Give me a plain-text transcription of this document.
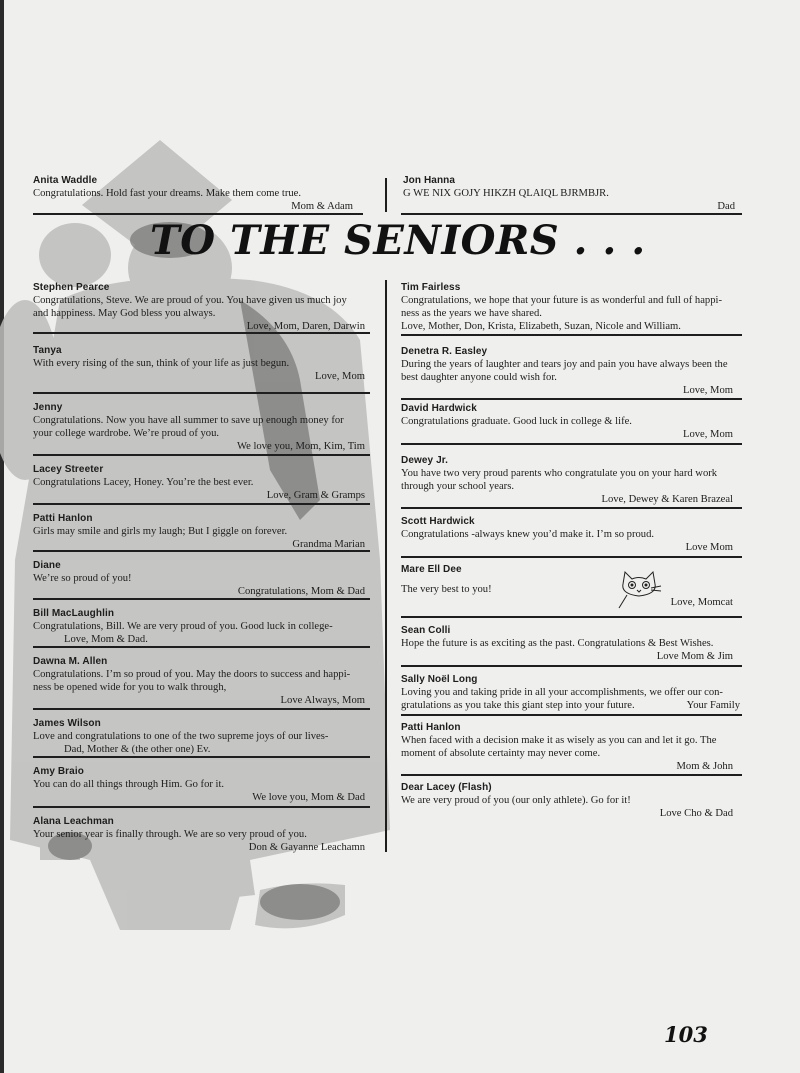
Anita Waddle
Congratulations. Hold fast your dreams. Make them come true.
Mom & Adam
Jon Hanna
G WE NIX GOJY HIKZH QLAIQL BJRMBJR.
Dad
TO THE SENIORS . . .
Stephen Pearce
Congratulations, Steve. We are proud of you. You have given us much joy
and happiness. May God bless you always.
Love, Mom, Daren, Darwin
Tanya
With every rising of the sun, think of your life as just begun.
Love, Mom
Jenny
Congratulations. Now you have all summer to save up enough money for
your college wardrobe. We’re proud of you.
We love you, Mom, Kim, Tim
Lacey Streeter
Congratulations Lacey, Honey. You’re the best ever.
Love, Gram & Gramps
Patti Hanlon
Girls may smile and girls my laugh; But I giggle on forever.
Grandma Marian
Diane
We’re so proud of you!
Congratulations, Mom & Dad
Bill MacLaughlin
Congratulations, Bill. We are very proud of you. Good luck in college-
Love, Mom & Dad.
Dawna M. Allen
Congratulations. I’m so proud of you. May the doors to success and happi-
ness be opened wide for you to walk through,
Love Always, Mom
James Wilson
Love and congratulations to one of the two supreme joys of our lives-
Dad, Mother & (the other one) Ev.
Amy Braio
You can do all things through Him. Go for it.
We love you, Mom & Dad
Alana Leachman
Your senior year is finally through. We are so very proud of you.
Don & Gayanne Leachamn
Tim Fairless
Congratulations, we hope that your future is as wonderful and full of happi-
ness as the years we have shared.
Love, Mother, Don, Krista, Elizabeth, Suzan, Nicole and William.
Denetra R. Easley
During the years of laughter and tears joy and pain you have always been the
best daughter anyone could wish for.
Love, Mom
David Hardwick
Congratulations graduate. Good luck in college & life.
Love, Mom
Dewey Jr.
You have two very proud parents who congratulate you on your hard work
through your school years.
Love, Dewey & Karen Brazeal
Scott Hardwick
Congratulations -always knew you’d make it. I’m so proud.
Love Mom
Mare Ell Dee
The very best to you!
Love, Momcat
Sean Colli
Hope the future is as exciting as the past. Congratulations & Best Wishes.
Love Mom & Jim
Sally Noël Long
Loving you and taking pride in all your accomplishments, we offer our con-
gratulations as you take this giant step into your future.	Your Family
Patti Hanlon
When faced with a decision make it as wisely as you can and let it go. The
moment of absolute certainty may never come.
Mom & John
Dear Lacey (Flash)
We are very proud of you (our only athlete). Go for it!
Love Cho & Dad
103
